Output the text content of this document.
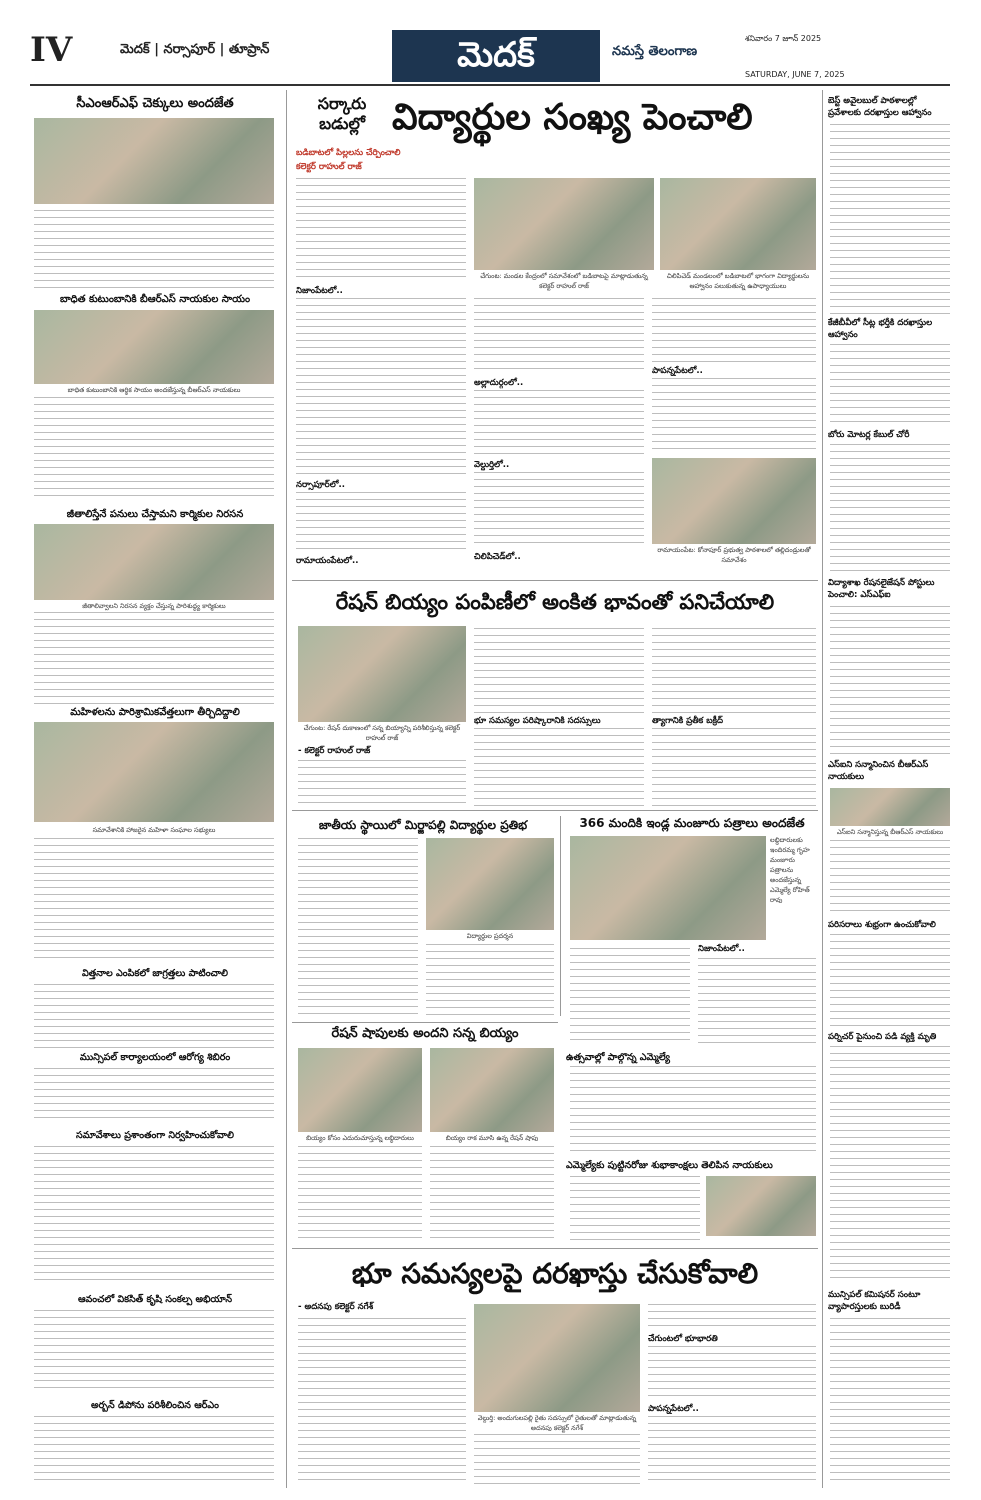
IV	మెదక్ | నర్సాపూర్ | తూప్రాన్	మెదక్	నమస్తే తెలంగాణ
శనివారం 7 జూన్ 2025
SATURDAY, JUNE 7, 2025
సీఎంఆర్ఎఫ్ చెక్కులు అందజేత
బాధిత కుటుంబానికి బీఆర్ఎస్ నాయకుల సాయం
బాధిత కుటుంబానికి ఆర్థిక సాయం అందజేస్తున్న బీఆర్ఎస్ నాయకులు
జీతాలిస్తేనే పనులు చేస్తామని కార్మికుల నిరసన
జీతాలివ్వాలని నిరసన వ్యక్తం చేస్తున్న పారిశుద్ధ్య కార్మికులు
మహిళలను పారిశ్రామికవేత్తలుగా తీర్చిదిద్దాలి
సమావేశానికి హాజరైన మహిళా సంఘాల సభ్యులు
విత్తనాల ఎంపికలో జాగ్రత్తలు పాటించాలి
మున్సిపల్ కార్యాలయంలో ఆరోగ్య శిబిరం
సమావేశాలు ప్రశాంతంగా నిర్వహించుకోవాలి
ఆవంచలో వికసిత్ కృషి సంకల్ప అభియాన్
అర్బన్ డిపోను పరిశీలించిన ఆర్ఎం
సర్కారు బడుల్లో విద్యార్థుల సంఖ్య పెంచాలి
బడిబాటలో పిల్లలను చేర్పించాలి
కలెక్టర్ రాహుల్ రాజ్
చేగుంట: మండల కేంద్రంలో సమావేశంలో బడిబాటపై మాట్లాడుతున్న కలెక్టర్ రాహుల్ రాజ్
చిలిపిచెడ్ మండలంలో బడిబాటలో భాగంగా విద్యార్థులను ఆహ్వానం పలుకుతున్న ఉపాధ్యాయులు
నిజాంపేటలో..
నర్సాపూర్‌లో..
రామాయంపేటలో..
అల్లాదుర్గంలో..
వెల్దుర్తిలో..
చిలిపిచెడ్‌లో..
పాపన్నపేటలో..
రామాయంపేట: కోనాపూర్ ప్రభుత్వ పాఠశాలలో తల్లిదండ్రులతో సమావేశం
రేషన్ బియ్యం పంపిణీలో అంకిత భావంతో పనిచేయాలి
చేగుంట: రేషన్ దుకాణంలో సన్న బియ్యాన్ని పరిశీలిస్తున్న కలెక్టర్ రాహుల్ రాజ్
- కలెక్టర్ రాహుల్ రాజ్
భూ సమస్యల పరిష్కారానికి సదస్సులు	త్యాగానికి ప్రతీక బక్రీద్
జాతీయ స్థాయిలో మిర్జాపల్లి విద్యార్థుల ప్రతిభ
విద్యార్థుల ప్రదర్శన
366 మందికి ఇండ్ల మంజూరు పత్రాలు అందజేత
లబ్ధిదారులకు ఇందిరమ్మ గృహ మంజూరు పత్రాలను అందజేస్తున్న ఎమ్మెల్యే రోహిత్ రావు
నిజాంపేటలో..
రేషన్ షాపులకు అందని సన్న బియ్యం
బియ్యం కోసం ఎదురుచూస్తున్న లబ్ధిదారులు	బియ్యం రాక మూసి ఉన్న రేషన్ షాపు
ఉత్సవాల్లో పాల్గొన్న ఎమ్మెల్యే
ఎమ్మెల్యేకు పుట్టినరోజు శుభాకాంక్షలు తెలిపిన నాయకులు
భూ సమస్యలపై దరఖాస్తు చేసుకోవాలి
- అదనపు కలెక్టర్ నగేశ్
వెల్దుర్తి: అందుగులపల్లి రైతు సదస్సులో రైతులతో మాట్లాడుతున్న అదనపు కలెక్టర్ నగేశ్
చేగుంటలో భూభారతి
పాపన్నపేటలో..
బెస్ట్ అవైలబుల్ పాఠశాలల్లో ప్రవేశాలకు దరఖాస్తుల ఆహ్వానం
కేజీబీవీలో సీట్ల భర్తీకి దరఖాస్తుల ఆహ్వానం
బోరు మోటర్ల కేబుల్ చోరీ
విద్యాశాఖ రేషనలైజేషన్ పోస్టులు పెంచాలి: ఎస్ఎఫ్ఐ
ఎస్ఐని సన్మానించిన బీఆర్ఎస్ నాయకులు
ఎస్ఐని సన్మానిస్తున్న బీఆర్ఎస్ నాయకులు
పరిసరాలు శుభ్రంగా ఉంచుకోవాలి
పర్నిచర్ పైనుంచి పడి వ్యక్తి మృతి
మున్సిపల్ కమిషనర్ సంటూ వ్యాపారస్తులకు బురిడీ
